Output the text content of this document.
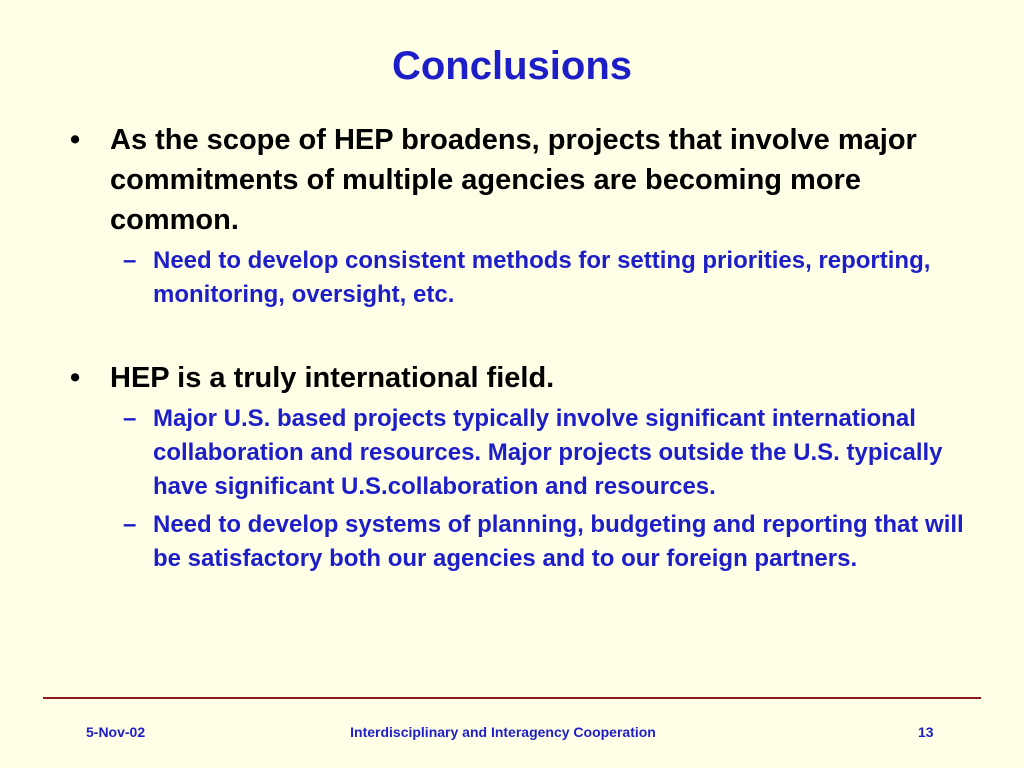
Conclusions
•	As the scope of HEP broadens, projects that involve major commitments of multiple agencies are becoming more common.
– Need to develop consistent methods for setting priorities, reporting, monitoring, oversight, etc.
•	HEP is a truly international field.
– Major U.S. based projects typically involve significant international collaboration and resources. Major projects outside the U.S. typically have significant U.S.collaboration and resources.
– Need to develop systems of planning, budgeting and reporting that will be satisfactory both our agencies and to our foreign partners.
5-Nov-02	Interdisciplinary and Interagency Cooperation	13
